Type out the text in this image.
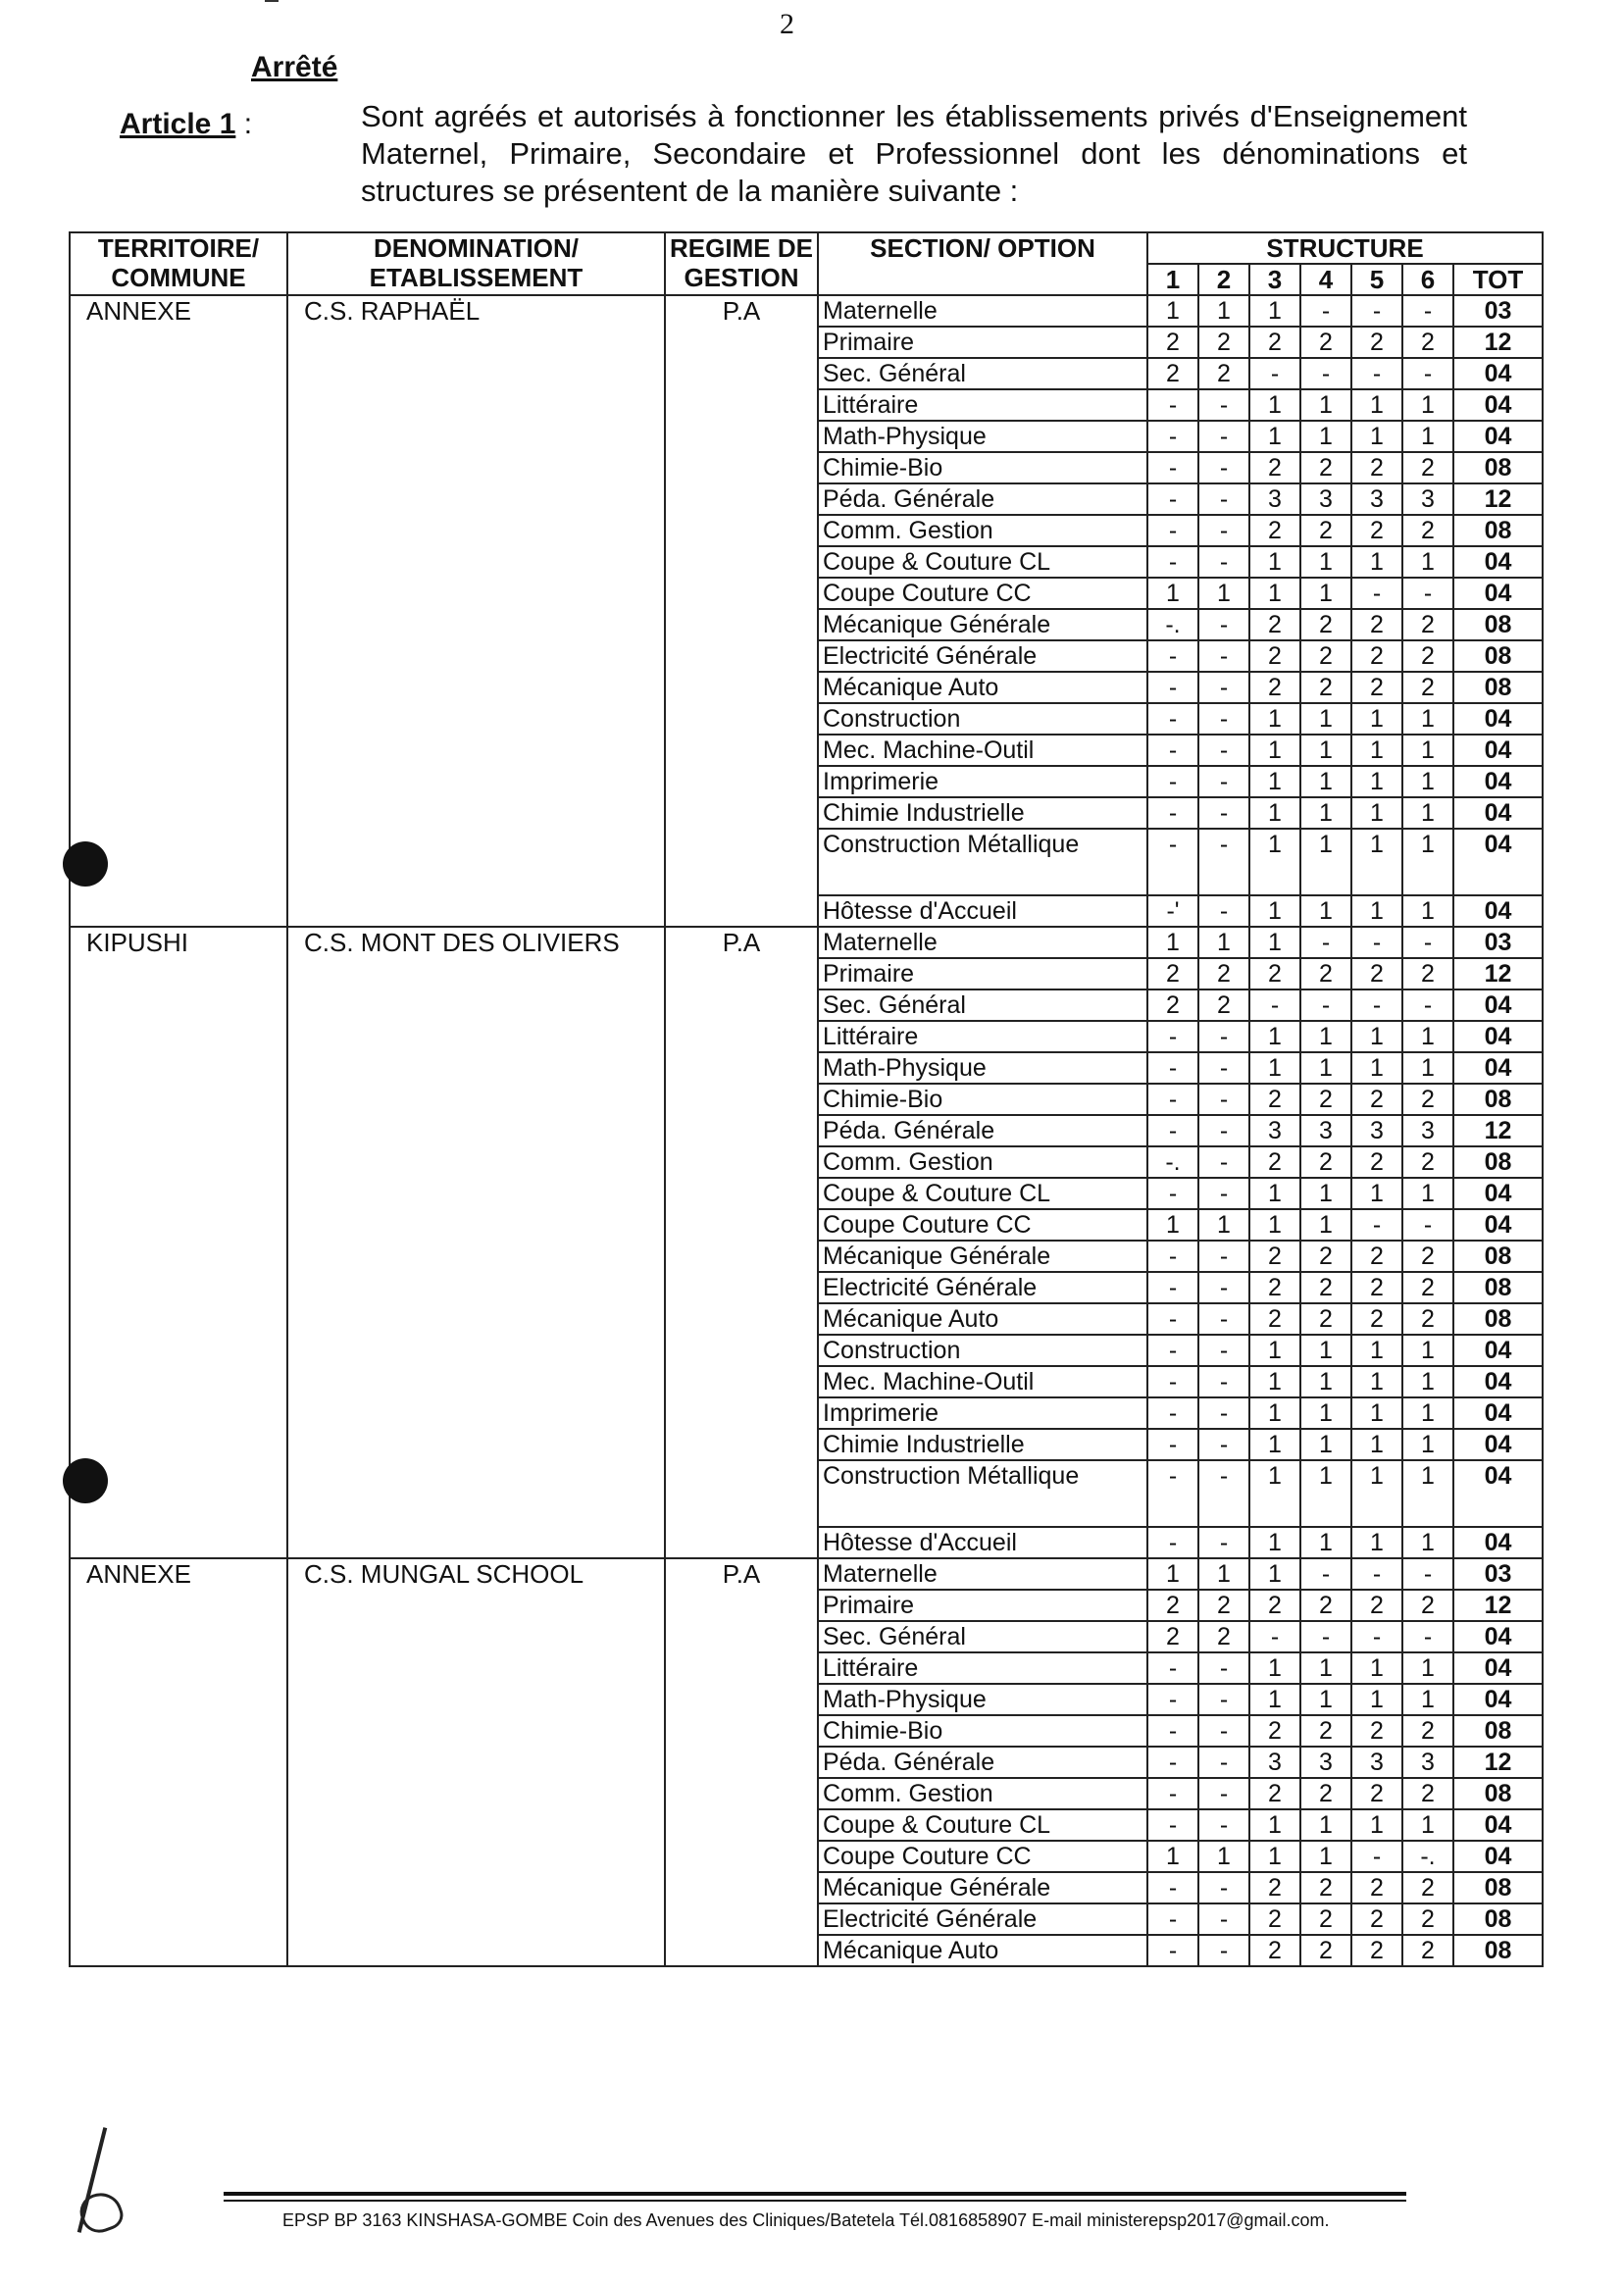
2
Arrêté
Article 1 :	Sont agréés et autorisés à fonctionner les établissements privés d'Enseignement Maternel, Primaire, Secondaire et Professionnel dont les dénominations et structures se présentent de la manière suivante :
TERRITOIRE/ COMMUNE	DENOMINATION/ ETABLISSEMENT	REGIME DE GESTION	SECTION/ OPTION	STRUCTURE						
				1	2	3	4	5	6	TOT
ANNEXE	C.S. RAPHAËL	P.A	Maternelle	1	1	1	-	-	-	03
			Primaire	2	2	2	2	2	2	12
			Sec. Général	2	2	-	-	-	-	04
			Littéraire	-	-	1	1	1	1	04
			Math-Physique	-	-	1	1	1	1	04
			Chimie-Bio	-	-	2	2	2	2	08
			Péda. Générale	-	-	3	3	3	3	12
			Comm. Gestion	-	-	2	2	2	2	08
			Coupe & Couture CL	-	-	1	1	1	1	04
			Coupe Couture CC	1	1	1	1	-	-	04
			Mécanique Générale	-.	-	2	2	2	2	08
			Electricité Générale	-	-	2	2	2	2	08
			Mécanique Auto	-	-	2	2	2	2	08
			Construction	-	-	1	1	1	1	04
			Mec. Machine-Outil	-	-	1	1	1	1	04
			Imprimerie	-	-	1	1	1	1	04
			Chimie Industrielle	-	-	1	1	1	1	04
			Construction Métallique	-	-	1	1	1	1	04
			Hôtesse d'Accueil	-'	-	1	1	1	1	04
KIPUSHI	C.S. MONT DES OLIVIERS	P.A	Maternelle	1	1	1	-	-	-	03
			Primaire	2	2	2	2	2	2	12
			Sec. Général	2	2	-	-	-	-	04
			Littéraire	-	-	1	1	1	1	04
			Math-Physique	-	-	1	1	1	1	04
			Chimie-Bio	-	-	2	2	2	2	08
			Péda. Générale	-	-	3	3	3	3	12
			Comm. Gestion	-.	-	2	2	2	2	08
			Coupe & Couture CL	-	-	1	1	1	1	04
			Coupe Couture CC	1	1	1	1	-	-	04
			Mécanique Générale	-	-	2	2	2	2	08
			Electricité Générale	-	-	2	2	2	2	08
			Mécanique Auto	-	-	2	2	2	2	08
			Construction	-	-	1	1	1	1	04
			Mec. Machine-Outil	-	-	1	1	1	1	04
			Imprimerie	-	-	1	1	1	1	04
			Chimie Industrielle	-	-	1	1	1	1	04
			Construction Métallique	-	-	1	1	1	1	04
			Hôtesse d'Accueil	-	-	1	1	1	1	04
ANNEXE	C.S. MUNGAL SCHOOL	P.A	Maternelle	1	1	1	-	-	-	03
			Primaire	2	2	2	2	2	2	12
			Sec. Général	2	2	-	-	-	-	04
			Littéraire	-	-	1	1	1	1	04
			Math-Physique	-	-	1	1	1	1	04
			Chimie-Bio	-	-	2	2	2	2	08
			Péda. Générale	-	-	3	3	3	3	12
			Comm. Gestion	-	-	2	2	2	2	08
			Coupe & Couture CL	-	-	1	1	1	1	04
			Coupe Couture CC	1	1	1	1	-	-.	04
			Mécanique Générale	-	-	2	2	2	2	08
			Electricité Générale	-	-	2	2	2	2	08
			Mécanique Auto	-	-	2	2	2	2	08
EPSP BP 3163 KINSHASA-GOMBE Coin des Avenues des Cliniques/Batetela Tél.0816858907 E-mail ministerepsp2017@gmail.com.
